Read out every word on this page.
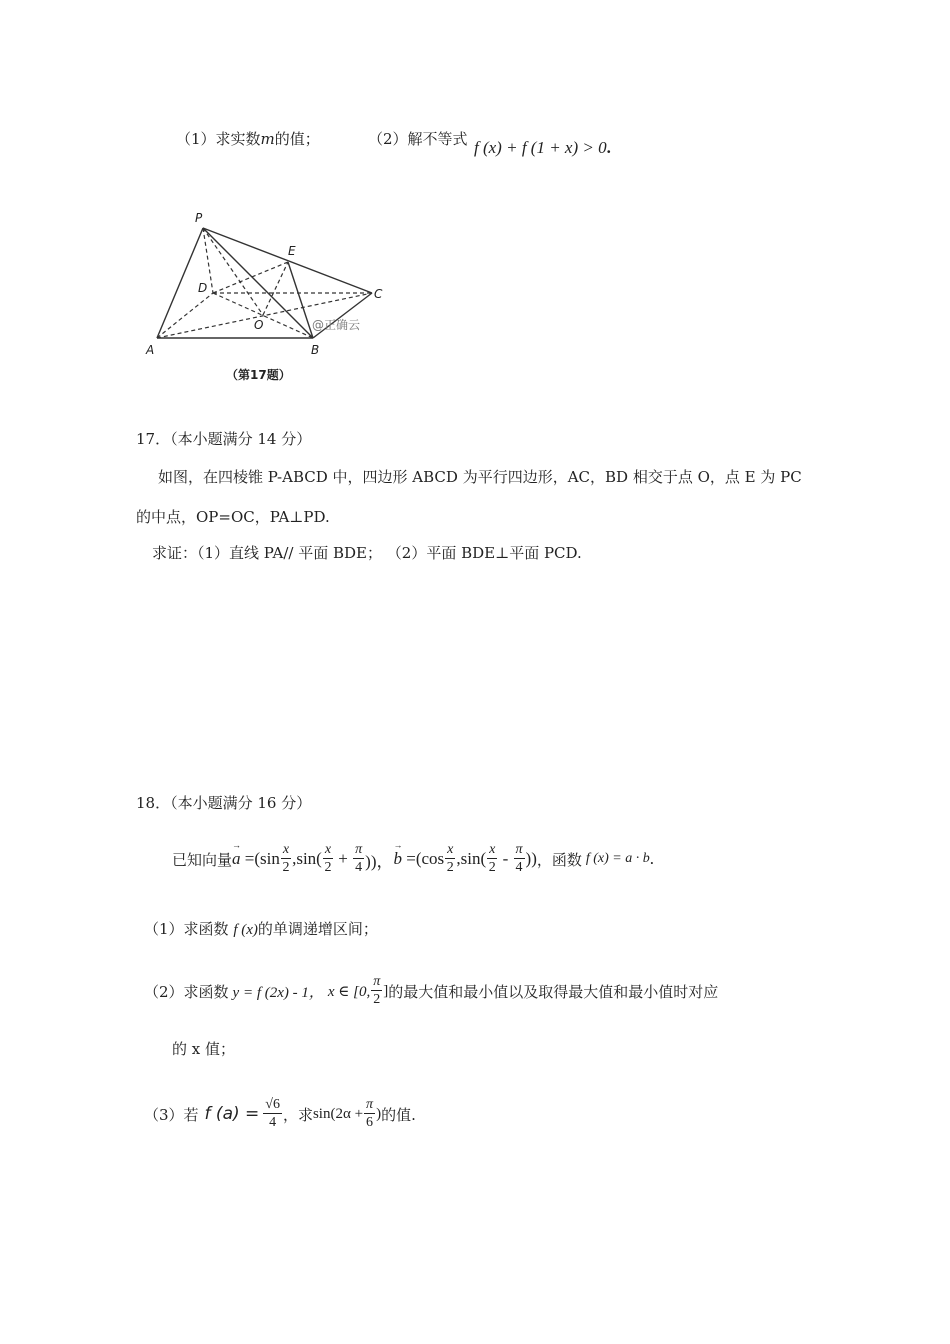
（1）求实数m的值；	（2）解不等式 f (x) + f (1 + x) > 0.
P
E
D	C
O
A	B
@正确云
（第17题）
17．（本小题满分 14 分）
如图，在四棱锥 P-ABCD 中，四边形 ABCD 为平行四边形，AC，BD 相交于点 O，点 E 为 PC
的中点，OP=OC，PA⊥PD.
求证：（1）直线 PA// 平面 BDE； （2）平面 BDE⊥平面 PCD.
18．（本小题满分 16 分）
已知向量 → $a =(\sin \frac{x}{2} ,\sin( \frac{x}{2} + \frac{\pi}{4}$ ))， → $b =(\cos \frac{x}{2} ,\sin( \frac{x}{2} - \frac{\pi}{4}$ )) ，函数 f (x) = a · b .
（1）求函数 f (x)的单调递增区间；
（2）求函数 y = f (2x) - 1， x ∈ [0, $\frac{\pi}{2}$ ] 的最大值和最小值以及取得最大值和最小值时对应
的 x 值；
（3）若 f $(a) = \frac{√6}{4}$ ，求 $\sin(2\alpha + \frac{\pi}{6}$ ) 的值.
